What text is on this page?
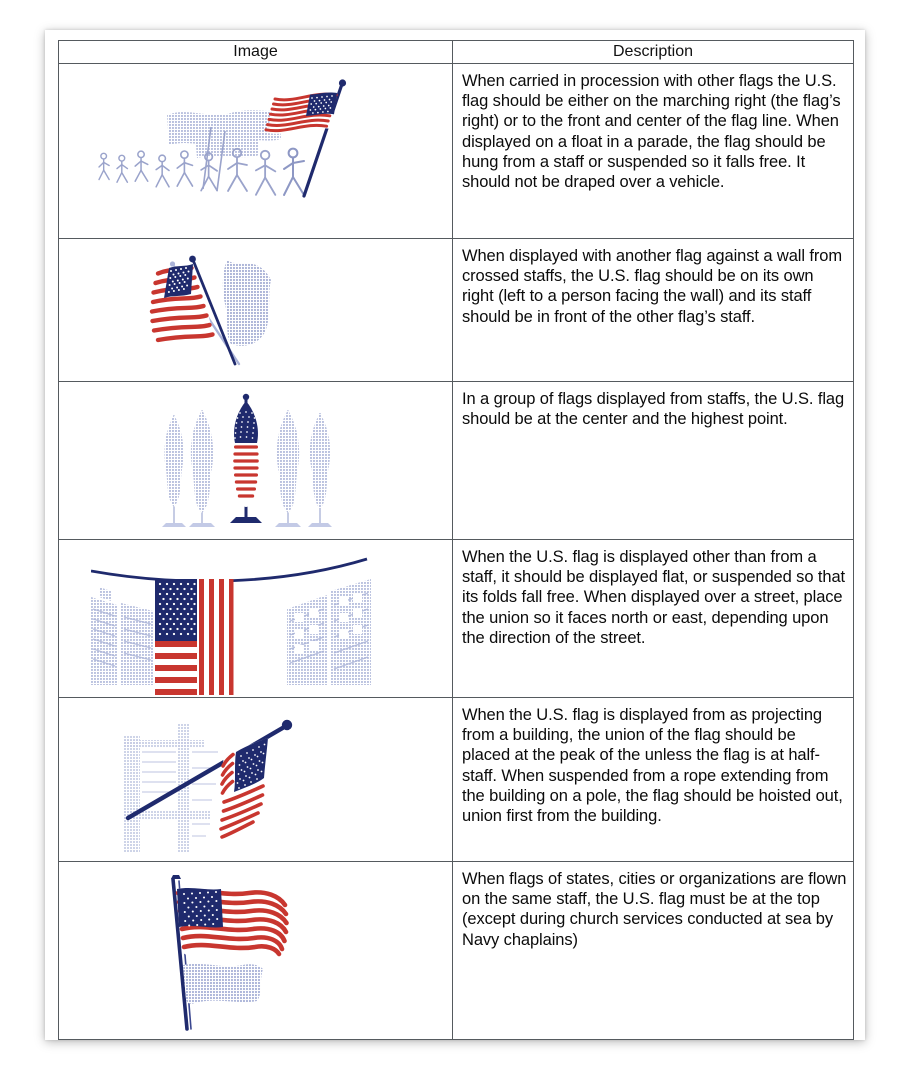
Image	Description

When carried in procession with other flags the U.S. flag should be either on the marching right (the flag’s right) or to the front and center of the flag line. When displayed on a float in a parade, the flag should be hung from a staff or suspended so it falls free. It should not be draped over a vehicle.

When displayed with another flag against a wall from crossed staffs, the U.S. flag should be on its own right (left to a person facing the wall) and its staff should be in front of the other flag’s staff.

In a group of flags displayed from staffs, the U.S. flag should be at the center and the highest point.

When the U.S. flag is displayed other than from a staff, it should be displayed flat, or suspended so that its folds fall free. When displayed over a street, place the union so it faces north or east, depending upon the direction of the street.

When the U.S. flag is displayed from as projecting from a building, the union of the flag should be placed at the peak of the unless the flag is at half-staff. When suspended from a rope extending from the building on a pole, the flag should be hoisted out, union first from the building.

When flags of states, cities or organizations are flown on the same staff, the U.S. flag must be at the top (except during church services conducted at sea by Navy chaplains)
